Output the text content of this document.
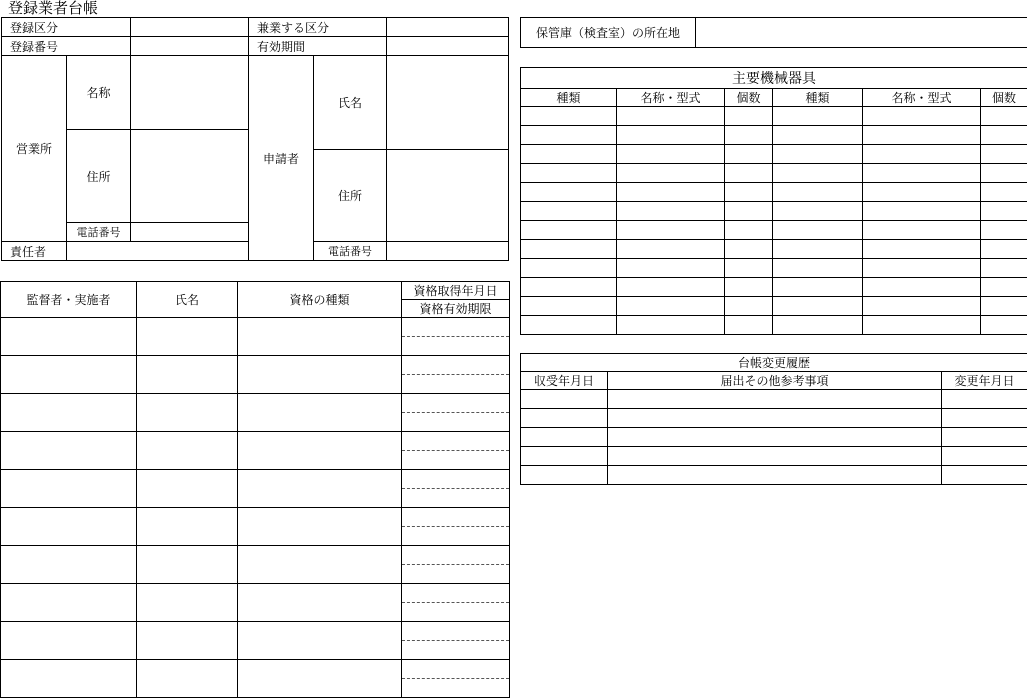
登録業者台帳
登録区分			兼業する区分		
登録番号			有効期間		
営業所	名称		申請者	氏名	
	住所				
				住所	
	電話番号				
責任者				電話番号	
保管庫（検査室）の所在地	
主要機械器具					
種類	名称・型式	個数	種類	名称・型式	個数

監督者・実施者	氏名	資格の種類	資格取得年月日
			資格有効期限

台帳変更履歴		
収受年月日	届出その他参考事項	変更年月日
